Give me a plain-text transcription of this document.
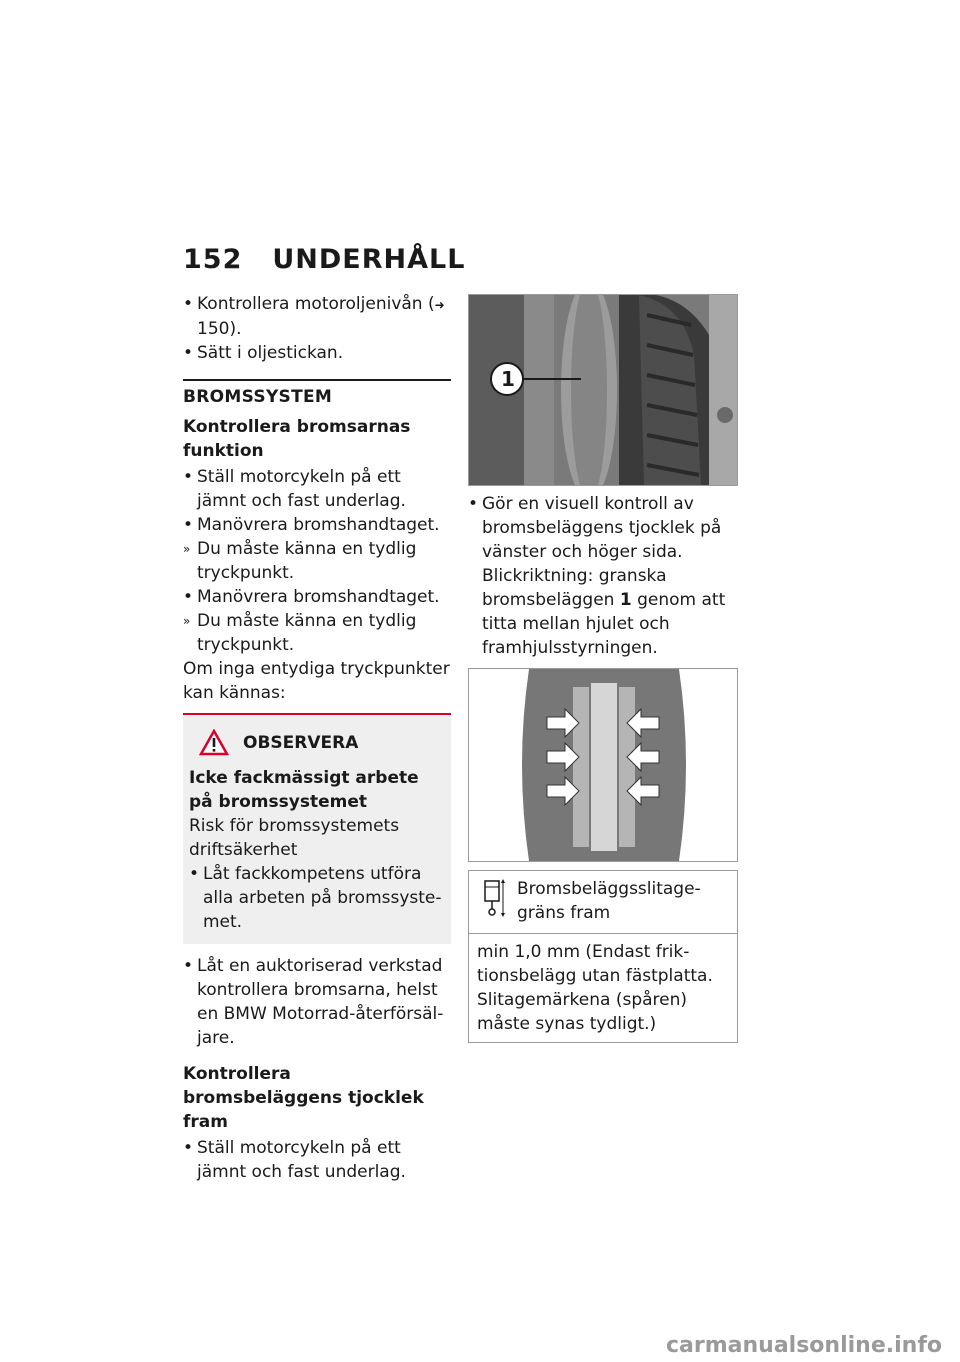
152 UNDERHÅLL

• Kontrollera motoroljenivån (➜ 150).

• Sätt i oljestickan.

BROMSSYSTEM
Kontrollera bromsarnas funktion

• Ställ motorcykeln på ett jämnt och fast underlag.

• Manövrera bromshandtaget.

» Du måste känna en tydlig tryckpunkt.

• Manövrera bromshandtaget.

» Du måste känna en tydlig tryckpunkt.

Om inga entydiga tryckpunkter kan kännas:

OBSERVERA
Icke fackmässigt arbete på bromssystemet
Risk för bromssystemets driftsäkerhet

• Låt fackkompetens utföra alla arbeten på bromssyste-met.

• Låt en auktoriserad verkstad kontrollera bromsarna, helst en BMW Motorrad-återförsäl-jare.

Kontrollera bromsbeläggens tjocklek fram

• Ställ motorcykeln på ett jämnt och fast underlag.

1

• Gör en visuell kontroll av bromsbeläggens tjocklek på vänster och höger sida. Blickriktning: granska bromsbeläggen 1 genom att titta mellan hjulet och framhjulsstyrningen.

Bromsbeläggsslitage-gräns fram
min 1,0 mm (Endast frik-tionsbelägg utan fästplatta. Slitagemärkena (spåren) måste synas tydligt.)
carmanualsonline.info
